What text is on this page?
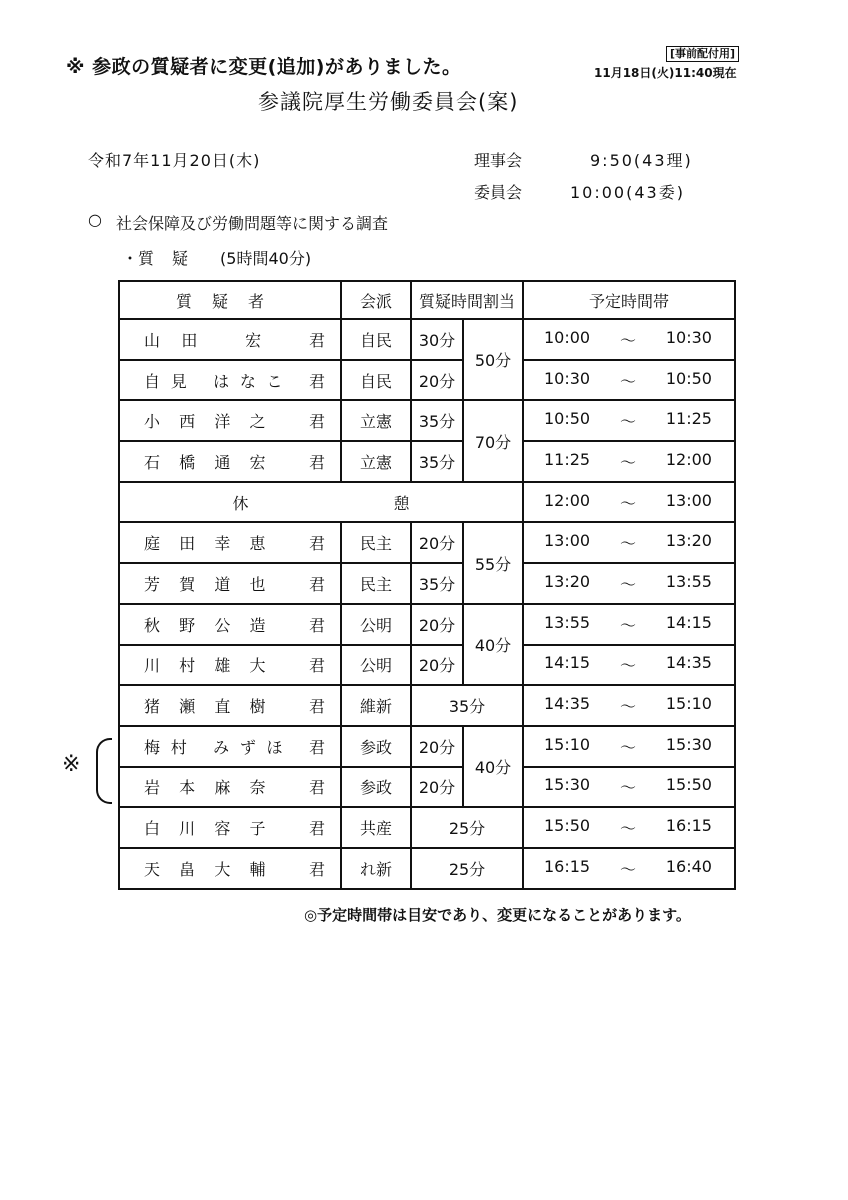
※ 参政の質疑者に変更(追加)がありました。
[事前配付用]
11月18日(火)11:40現在
参議院厚生労働委員会(案)
令和7年11月20日(木)	理事会	9:50(43理)
委員会	10:00(43委)
○ 社会保障及び労働問題等に関する調査
・質疑 (5時間40分)
質疑者	会派	質疑時間割当		予定時間帯
山田 宏 君	自民	30分	50分	10:00 〜 10:30

自見 はなこ 君	自民	20分		10:30 〜 10:50

小西洋之 君	立憲	35分	70分	10:50 〜 11:25

石橋通宏 君	立憲	35分		11:25 〜 12:00

休 憩				12:00 〜 13:00

庭田幸恵 君	民主	20分	55分	13:00 〜 13:20

芳賀道也 君	民主	35分		13:20 〜 13:55

秋野公造 君	公明	20分	40分	13:55 〜 14:15

川村雄大 君	公明	20分		14:15 〜 14:35

猪瀬直樹 君	維新	35分		14:35 〜 15:10

梅村 みずほ 君	参政	20分	40分	15:10 〜 15:30

岩本麻奈 君	参政	20分		15:30 〜 15:50

白川容子 君	共産	25分		15:50 〜 16:15

天畠大輔 君	れ新	25分		16:15 〜 16:40
※
◎予定時間帯は目安であり、変更になることがあります。
